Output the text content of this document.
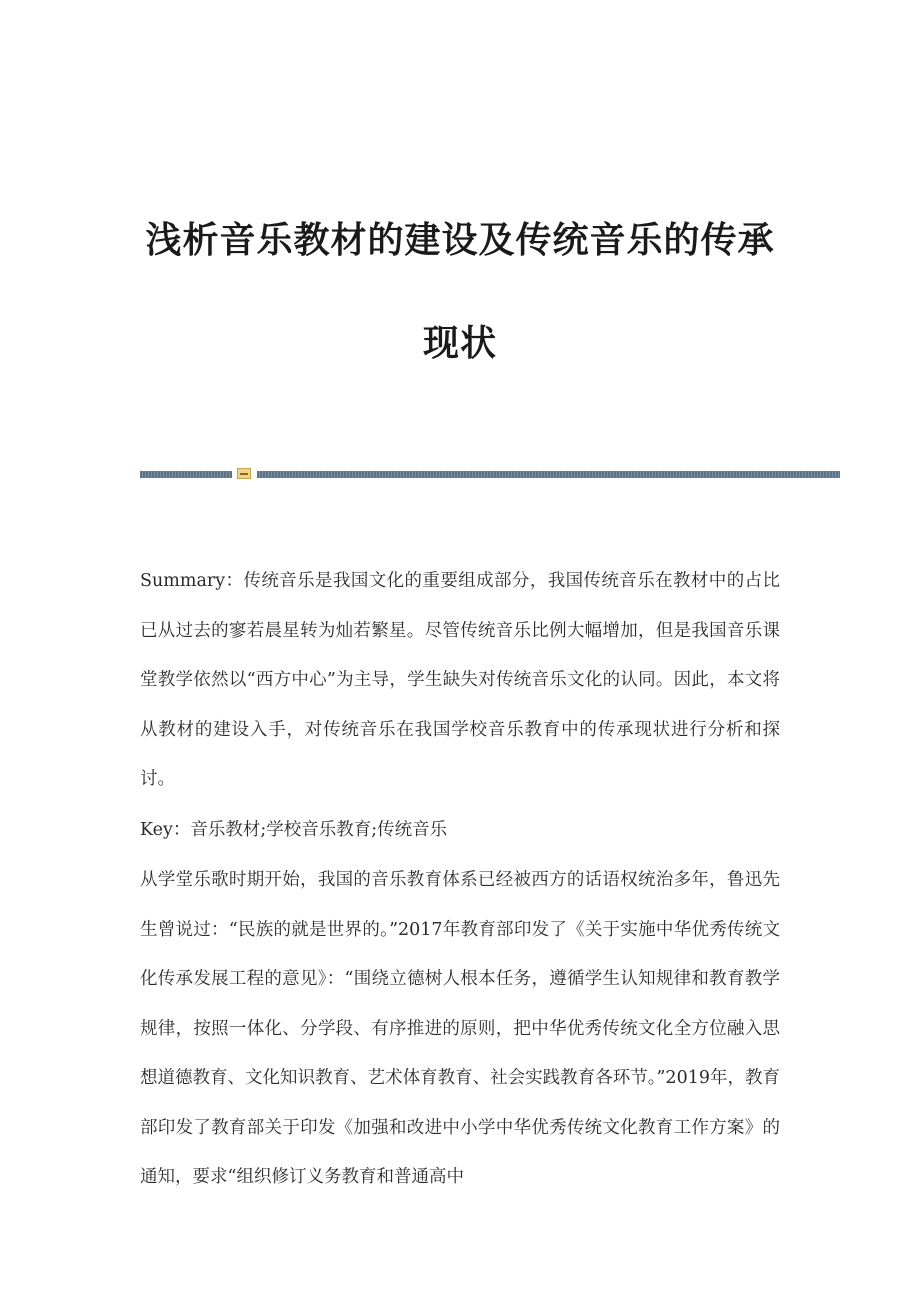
浅析音乐教材的建设及传统音乐的传承
现状

Summary：传统音乐是我国文化的重要组成部分，我国传统音乐在教材中的占比已从过去的寥若晨星转为灿若繁星。尽管传统音乐比例大幅增加，但是我国音乐课堂教学依然以“西方中心”为主导，学生缺失对传统音乐文化的认同。因此，本文将从教材的建设入手，对传统音乐在我国学校音乐教育中的传承现状进行分析和探讨。

Key：音乐教材;学校音乐教育;传统音乐

从学堂乐歌时期开始，我国的音乐教育体系已经被西方的话语权统治多年，鲁迅先生曾说过：“民族的就是世界的。”2017年教育部印发了《关于实施中华优秀传统文化传承发展工程的意见》：“围绕立德树人根本任务，遵循学生认知规律和教育教学规律，按照一体化、分学段、有序推进的原则，把中华优秀传统文化全方位融入思想道德教育、文化知识教育、艺术体育教育、社会实践教育各环节。”2019年，教育部印发了教育部关于印发《加强和改进中小学中华优秀传统文化教育工作方案》的通知，要求“组织修订义务教育和普通高中
